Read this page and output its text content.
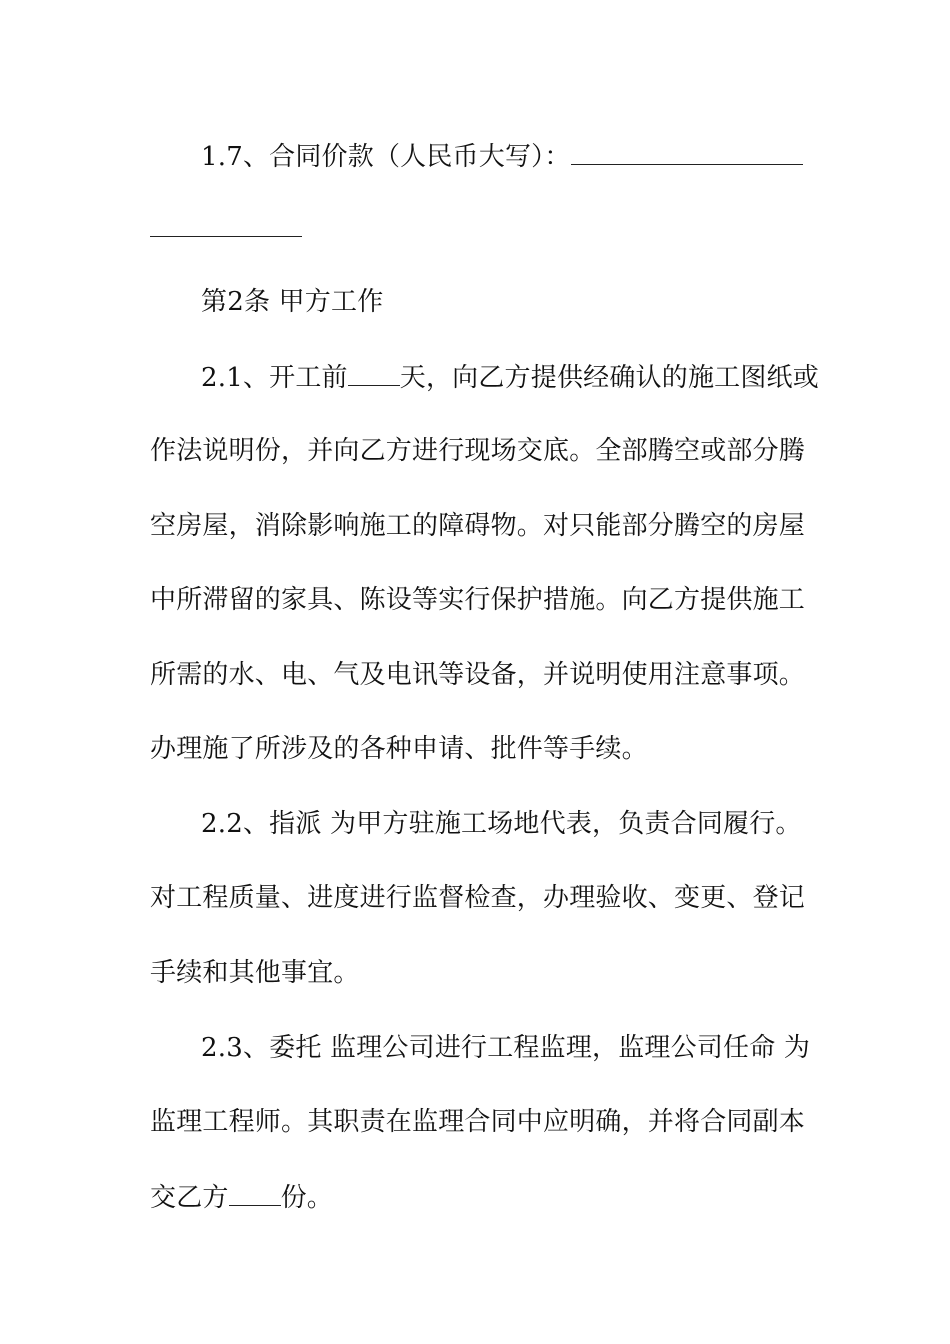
1.7、合同价款（人民币大写）：
第2条 甲方工作
2.1、开工前 天，向乙方提供经确认的施工图纸或
作法说明份，并向乙方进行现场交底。全部腾空或部分腾
空房屋，消除影响施工的障碍物。对只能部分腾空的房屋
中所滞留的家具、陈设等实行保护措施。向乙方提供施工
所需的水、电、气及电讯等设备，并说明使用注意事项。
办理施了所涉及的各种申请、批件等手续。
2.2、指派 为甲方驻施工场地代表，负责合同履行。
对工程质量、进度进行监督检查，办理验收、变更、登记
手续和其他事宜。
2.3、委托 监理公司进行工程监理，监理公司任命 为
监理工程师。其职责在监理合同中应明确，并将合同副本
交乙方 份。
